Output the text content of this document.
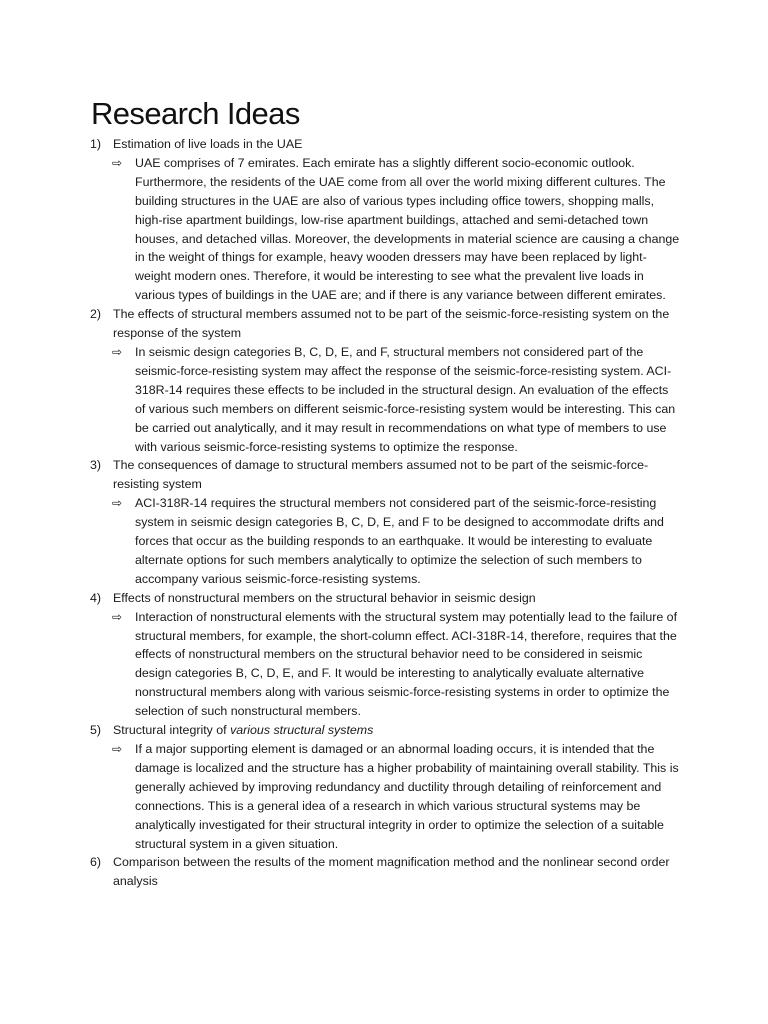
Research Ideas
1) Estimation of live loads in the UAE
⇨ UAE comprises of 7 emirates. Each emirate has a slightly different socio-economic outlook. Furthermore, the residents of the UAE come from all over the world mixing different cultures. The building structures in the UAE are also of various types including office towers, shopping malls, high-rise apartment buildings, low-rise apartment buildings, attached and semi-detached town houses, and detached villas. Moreover, the developments in material science are causing a change in the weight of things for example, heavy wooden dressers may have been replaced by light-weight modern ones. Therefore, it would be interesting to see what the prevalent live loads in various types of buildings in the UAE are; and if there is any variance between different emirates.
2) The effects of structural members assumed not to be part of the seismic-force-resisting system on the response of the system
⇨ In seismic design categories B, C, D, E, and F, structural members not considered part of the seismic-force-resisting system may affect the response of the seismic-force-resisting system. ACI-318R-14 requires these effects to be included in the structural design. An evaluation of the effects of various such members on different seismic-force-resisting system would be interesting. This can be carried out analytically, and it may result in recommendations on what type of members to use with various seismic-force-resisting systems to optimize the response.
3) The consequences of damage to structural members assumed not to be part of the seismic-force-resisting system
⇨ ACI-318R-14 requires the structural members not considered part of the seismic-force-resisting system in seismic design categories B, C, D, E, and F to be designed to accommodate drifts and forces that occur as the building responds to an earthquake. It would be interesting to evaluate alternate options for such members analytically to optimize the selection of such members to accompany various seismic-force-resisting systems.
4) Effects of nonstructural members on the structural behavior in seismic design
⇨ Interaction of nonstructural elements with the structural system may potentially lead to the failure of structural members, for example, the short-column effect. ACI-318R-14, therefore, requires that the effects of nonstructural members on the structural behavior need to be considered in seismic design categories B, C, D, E, and F. It would be interesting to analytically evaluate alternative nonstructural members along with various seismic-force-resisting systems in order to optimize the selection of such nonstructural members.
5) Structural integrity of various structural systems
⇨ If a major supporting element is damaged or an abnormal loading occurs, it is intended that the damage is localized and the structure has a higher probability of maintaining overall stability. This is generally achieved by improving redundancy and ductility through detailing of reinforcement and connections. This is a general idea of a research in which various structural systems may be analytically investigated for their structural integrity in order to optimize the selection of a suitable structural system in a given situation.
6) Comparison between the results of the moment magnification method and the nonlinear second order analysis
